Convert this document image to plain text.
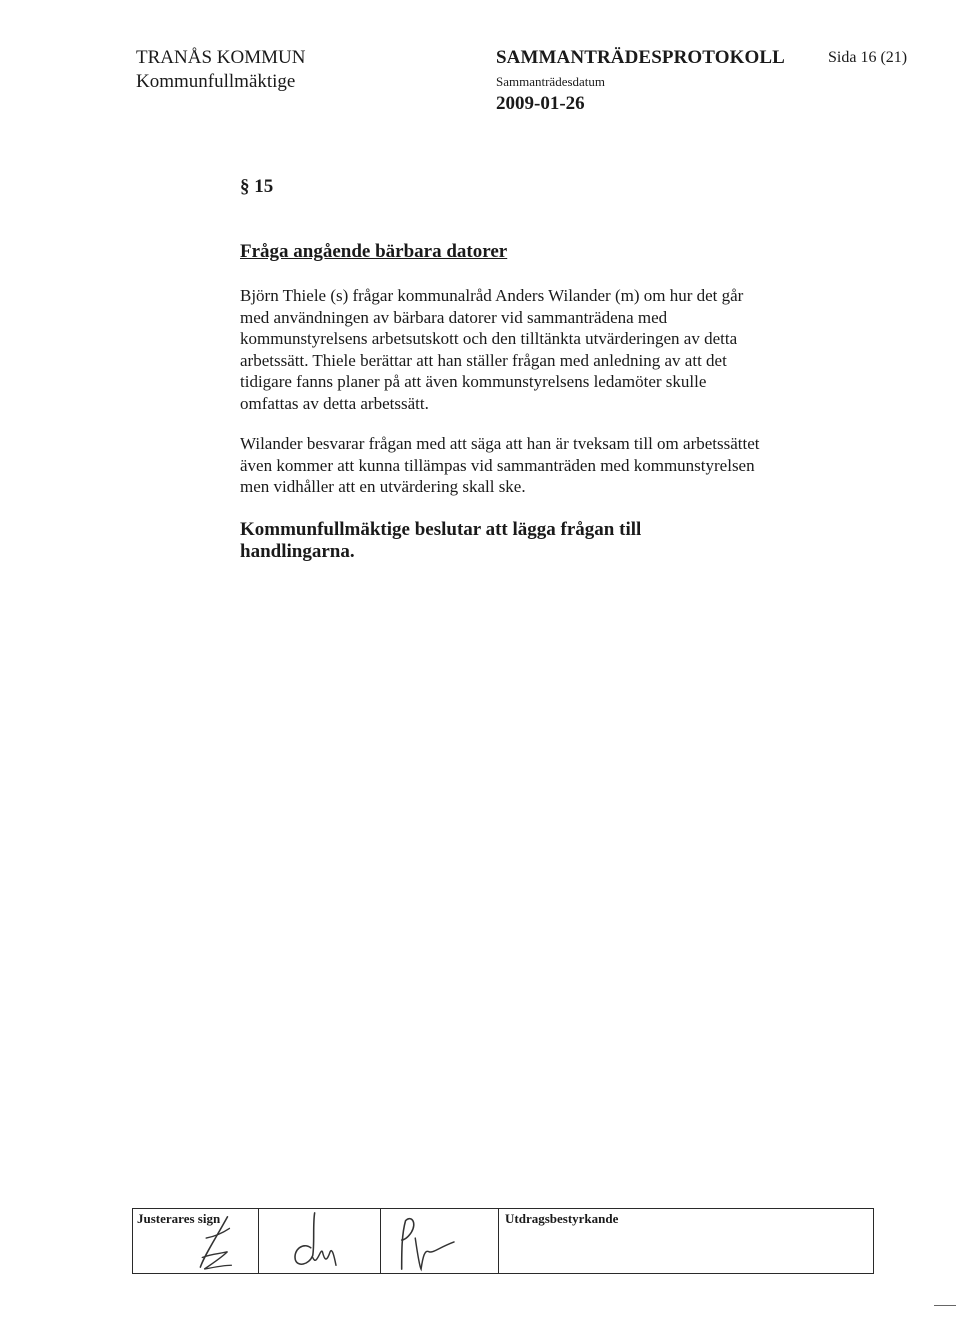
TRANÅS KOMMUN
Kommunfullmäktige
SAMMANTRÄDESPROTOKOLL
Sammanträdesdatum
2009-01-26
Sida 16 (21)
§ 15
Fråga angående bärbara datorer

Björn Thiele (s) frågar kommunalråd Anders Wilander (m) om hur det går med användningen av bärbara datorer vid sammanträdena med kommunstyrelsens arbetsutskott och den tilltänkta utvärderingen av detta arbetssätt. Thiele berättar att han ställer frågan med anledning av att det tidigare fanns planer på att även kommunstyrelsens ledamöter skulle omfattas av detta arbetssätt.

Wilander besvarar frågan med att säga att han är tveksam till om arbetssättet även kommer att kunna tillämpas vid sammanträden med kommunstyrelsen men vidhåller att en utvärdering skall ske.

Kommunfullmäktige beslutar att lägga frågan till handlingarna.

Justerares sign	Utdragsbestyrkande
